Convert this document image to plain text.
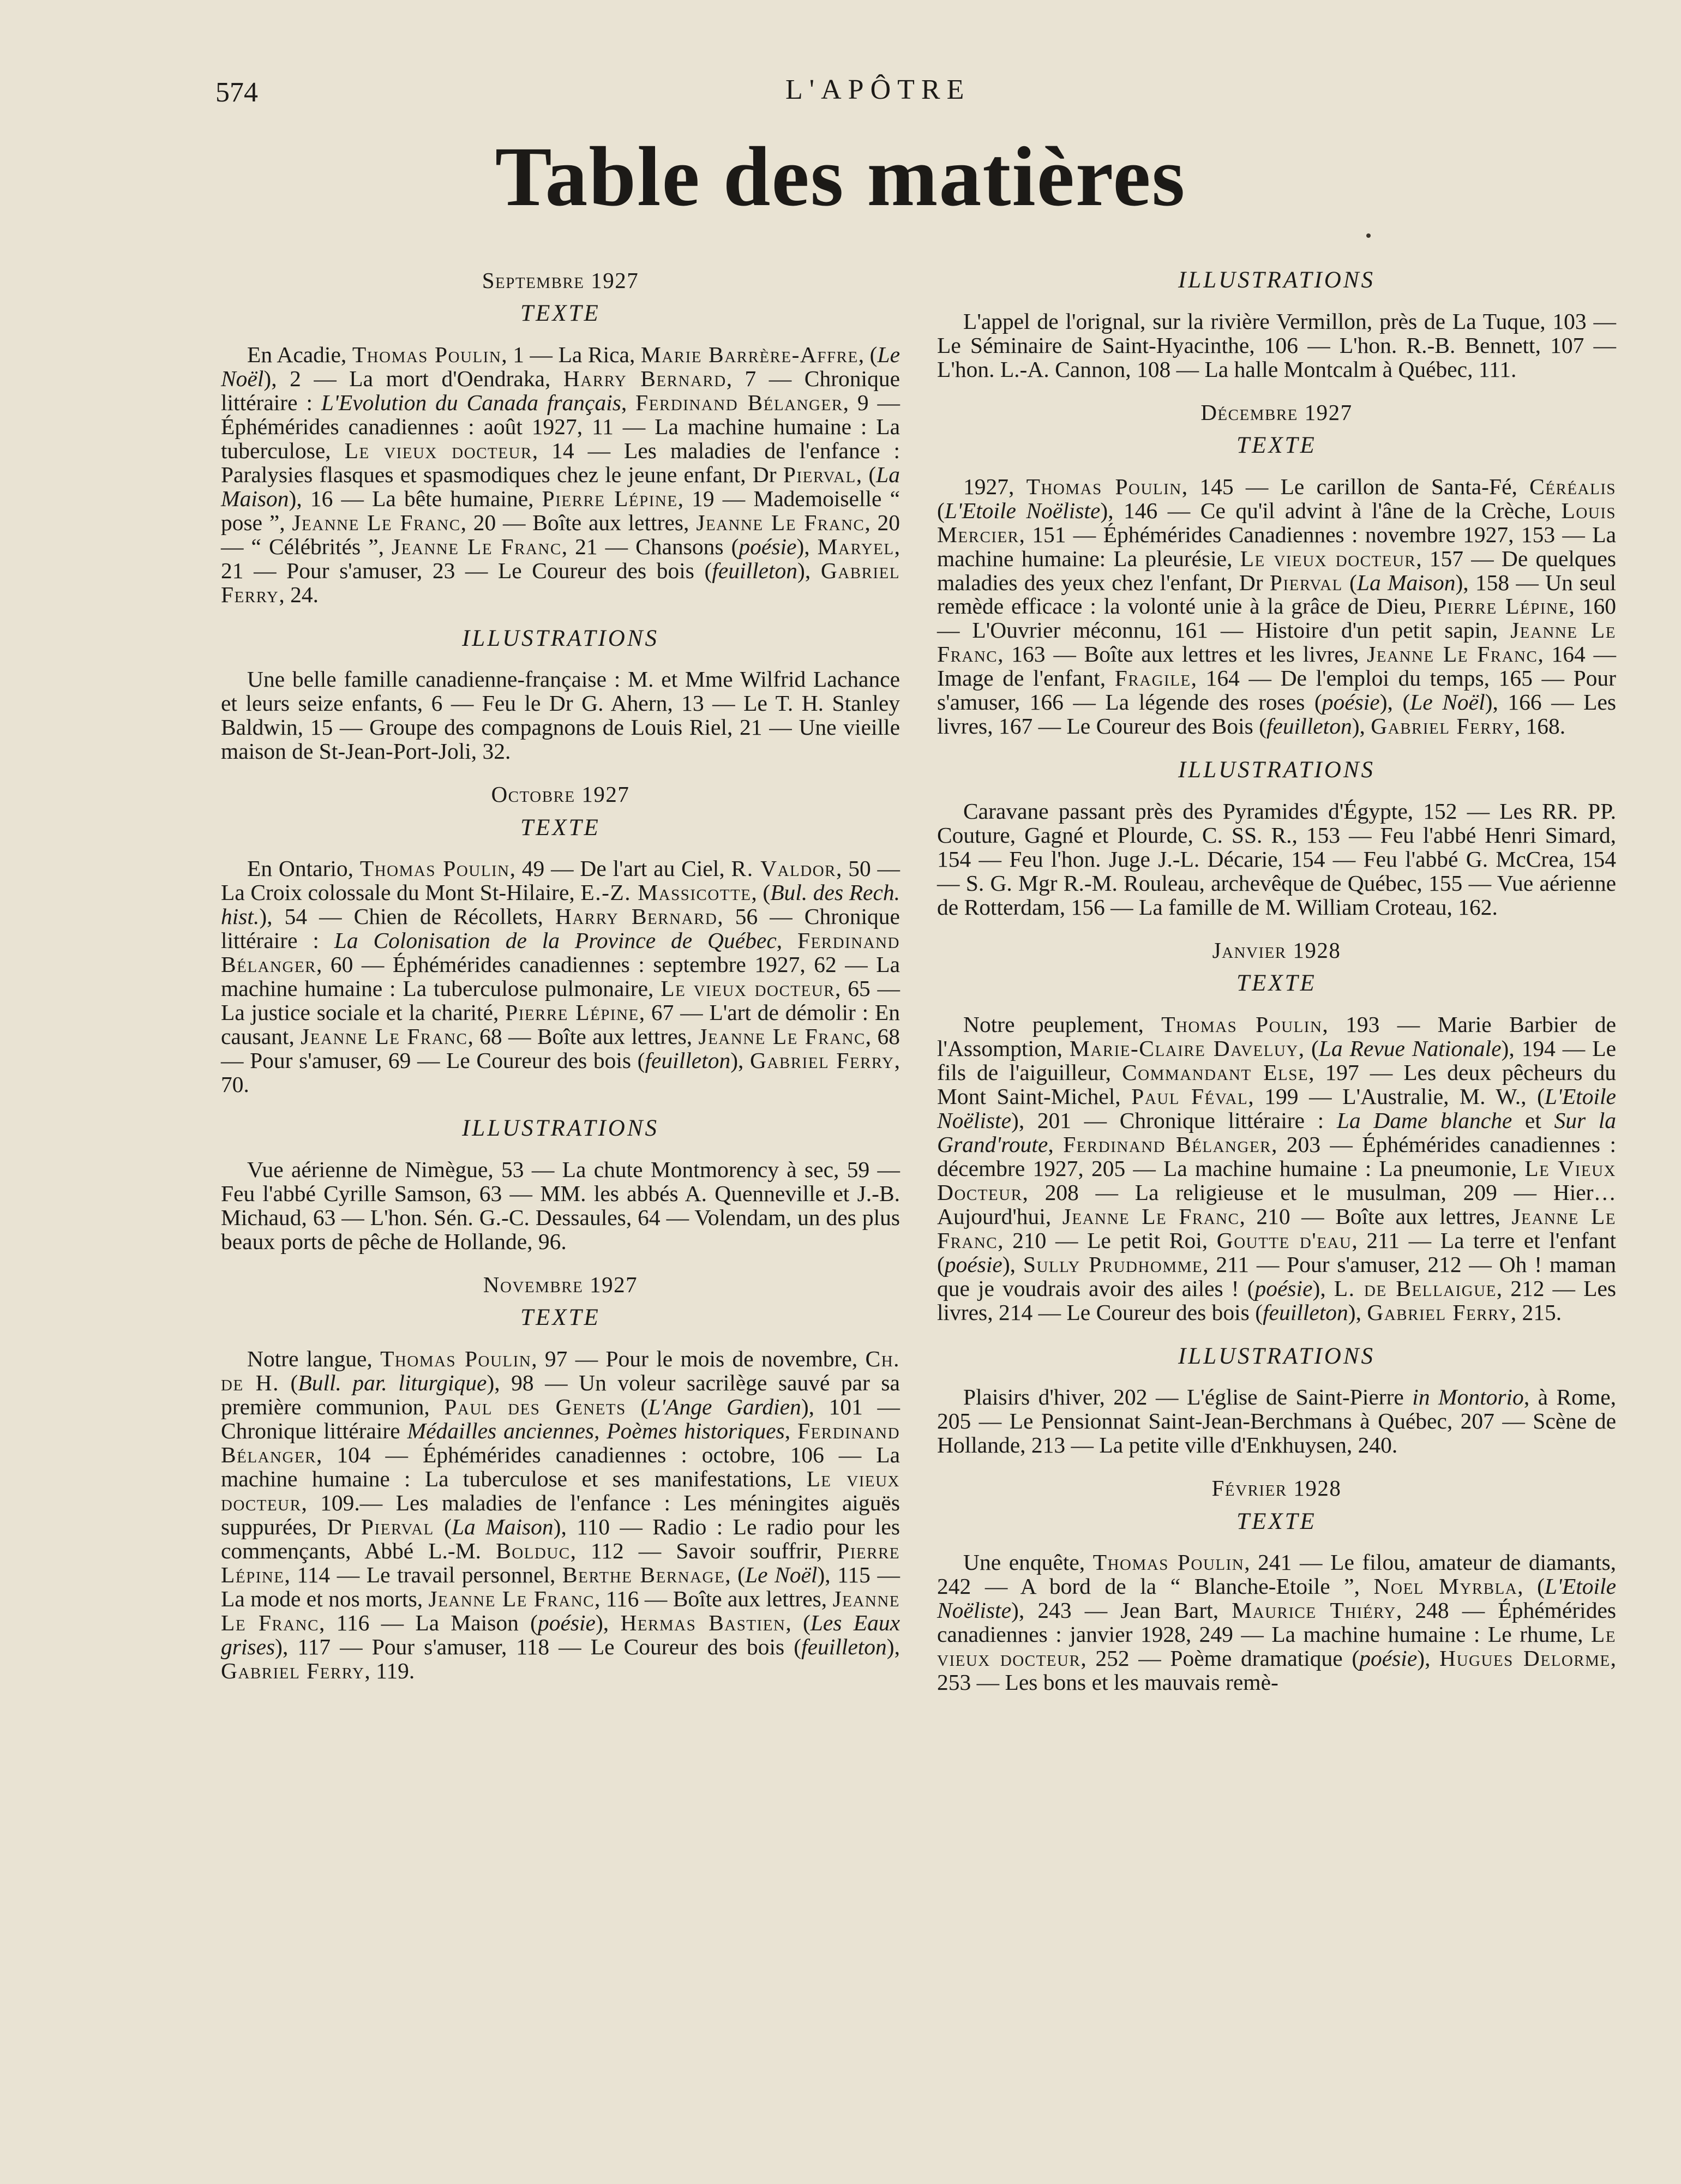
574	L'APÔTRE
Table des matières
Septembre 1927
TEXTE

En Acadie, Thomas Poulin, 1 — La Rica, Marie Barrère-Affre, (Le Noël), 2 — La mort d'Oendraka, Harry Bernard, 7 — Chronique littéraire : L'Evolution du Canada français, Ferdinand Bélanger, 9 — Éphémérides canadiennes : août 1927, 11 — La machine humaine : La tuberculose, Le vieux docteur, 14 — Les maladies de l'enfance : Paralysies flasques et spasmodiques chez le jeune enfant, Dr Pierval, (La Maison), 16 — La bête humaine, Pierre Lépine, 19 — Mademoiselle “ pose ”, Jeanne Le Franc, 20 — Boîte aux lettres, Jeanne Le Franc, 20 — “ Célébrités ”, Jeanne Le Franc, 21 — Chansons (poésie), Maryel, 21 — Pour s'amuser, 23 — Le Coureur des bois (feuilleton), Gabriel Ferry, 24.

ILLUSTRATIONS

Une belle famille canadienne-française : M. et Mme Wilfrid Lachance et leurs seize enfants, 6 — Feu le Dr G. Ahern, 13 — Le T. H. Stanley Baldwin, 15 — Groupe des compagnons de Louis Riel, 21 — Une vieille maison de St-Jean-Port-Joli, 32.

Octobre 1927
TEXTE

En Ontario, Thomas Poulin, 49 — De l'art au Ciel, R. Valdor, 50 — La Croix colossale du Mont St-Hilaire, E.-Z. Massicotte, (Bul. des Rech. hist.), 54 — Chien de Récollets, Harry Bernard, 56 — Chronique littéraire : La Colonisation de la Province de Québec, Ferdinand Bélanger, 60 — Éphémérides canadiennes : septembre 1927, 62 — La machine humaine : La tuberculose pulmonaire, Le vieux docteur, 65 — La justice sociale et la charité, Pierre Lépine, 67 — L'art de démolir : En causant, Jeanne Le Franc, 68 — Boîte aux lettres, Jeanne Le Franc, 68 — Pour s'amuser, 69 — Le Coureur des bois (feuilleton), Gabriel Ferry, 70.

ILLUSTRATIONS

Vue aérienne de Nimègue, 53 — La chute Montmorency à sec, 59 — Feu l'abbé Cyrille Samson, 63 — MM. les abbés A. Quenneville et J.-B. Michaud, 63 — L'hon. Sén. G.-C. Dessaules, 64 — Volendam, un des plus beaux ports de pêche de Hollande, 96.

Novembre 1927
TEXTE

Notre langue, Thomas Poulin, 97 — Pour le mois de novembre, Ch. de H. (Bull. par. liturgique), 98 — Un voleur sacrilège sauvé par sa première communion, Paul des Genets (L'Ange Gardien), 101 — Chronique littéraire Médailles anciennes, Poèmes historiques, Ferdinand Bélanger, 104 — Éphémérides canadiennes : octobre, 106 — La machine humaine : La tuberculose et ses manifestations, Le vieux docteur, 109.— Les maladies de l'enfance : Les méningites aiguës suppurées, Dr Pierval (La Maison), 110 — Radio : Le radio pour les commençants, Abbé L.-M. Bolduc, 112 — Savoir souffrir, Pierre Lépine, 114 — Le travail personnel, Berthe Bernage, (Le Noël), 115 — La mode et nos morts, Jeanne Le Franc, 116 — Boîte aux lettres, Jeanne Le Franc, 116 — La Maison (poésie), Hermas Bastien, (Les Eaux grises), 117 — Pour s'amuser, 118 — Le Coureur des bois (feuilleton), Gabriel Ferry, 119.

ILLUSTRATIONS

L'appel de l'orignal, sur la rivière Vermillon, près de La Tuque, 103 — Le Séminaire de Saint-Hyacinthe, 106 — L'hon. R.-B. Bennett, 107 — L'hon. L.-A. Cannon, 108 — La halle Montcalm à Québec, 111.

Décembre 1927
TEXTE

1927, Thomas Poulin, 145 — Le carillon de Santa-Fé, Céréalis (L'Etoile Noëliste), 146 — Ce qu'il advint à l'âne de la Crèche, Louis Mercier, 151 — Éphémérides Canadiennes : novembre 1927, 153 — La machine humaine: La pleurésie, Le vieux docteur, 157 — De quelques maladies des yeux chez l'enfant, Dr Pierval (La Maison), 158 — Un seul remède efficace : la volonté unie à la grâce de Dieu, Pierre Lépine, 160 — L'Ouvrier méconnu, 161 — Histoire d'un petit sapin, Jeanne Le Franc, 163 — Boîte aux lettres et les livres, Jeanne Le Franc, 164 — Image de l'enfant, Fragile, 164 — De l'emploi du temps, 165 — Pour s'amuser, 166 — La légende des roses (poésie), (Le Noël), 166 — Les livres, 167 — Le Coureur des Bois (feuilleton), Gabriel Ferry, 168.

ILLUSTRATIONS

Caravane passant près des Pyramides d'Égypte, 152 — Les RR. PP. Couture, Gagné et Plourde, C. SS. R., 153 — Feu l'abbé Henri Simard, 154 — Feu l'hon. Juge J.-L. Décarie, 154 — Feu l'abbé G. McCrea, 154 — S. G. Mgr R.-M. Rouleau, archevêque de Québec, 155 — Vue aérienne de Rotterdam, 156 — La famille de M. William Croteau, 162.

Janvier 1928
TEXTE

Notre peuplement, Thomas Poulin, 193 — Marie Barbier de l'Assomption, Marie-Claire Daveluy, (La Revue Nationale), 194 — Le fils de l'aiguilleur, Commandant Else, 197 — Les deux pêcheurs du Mont Saint-Michel, Paul Féval, 199 — L'Australie, M. W., (L'Etoile Noëliste), 201 — Chronique littéraire : La Dame blanche et Sur la Grand'route, Ferdinand Bélanger, 203 — Éphémérides canadiennes : décembre 1927, 205 — La machine humaine : La pneumonie, Le Vieux Docteur, 208 — La religieuse et le musulman, 209 — Hier… Aujourd'hui, Jeanne Le Franc, 210 — Boîte aux lettres, Jeanne Le Franc, 210 — Le petit Roi, Goutte d'eau, 211 — La terre et l'enfant (poésie), Sully Prudhomme, 211 — Pour s'amuser, 212 — Oh ! maman que je voudrais avoir des ailes ! (poésie), L. de Bellaigue, 212 — Les livres, 214 — Le Coureur des bois (feuilleton), Gabriel Ferry, 215.

ILLUSTRATIONS

Plaisirs d'hiver, 202 — L'église de Saint-Pierre in Montorio, à Rome, 205 — Le Pensionnat Saint-Jean-Berchmans à Québec, 207 — Scène de Hollande, 213 — La petite ville d'Enkhuysen, 240.

Février 1928
TEXTE

Une enquête, Thomas Poulin, 241 — Le filou, amateur de diamants, 242 — A bord de la “ Blanche-Etoile ”, Noel Myrbla, (L'Etoile Noëliste), 243 — Jean Bart, Maurice Thiéry, 248 — Éphémérides canadiennes : janvier 1928, 249 — La machine humaine : Le rhume, Le vieux docteur, 252 — Poème dramatique (poésie), Hugues Delorme, 253 — Les bons et les mauvais remè-
